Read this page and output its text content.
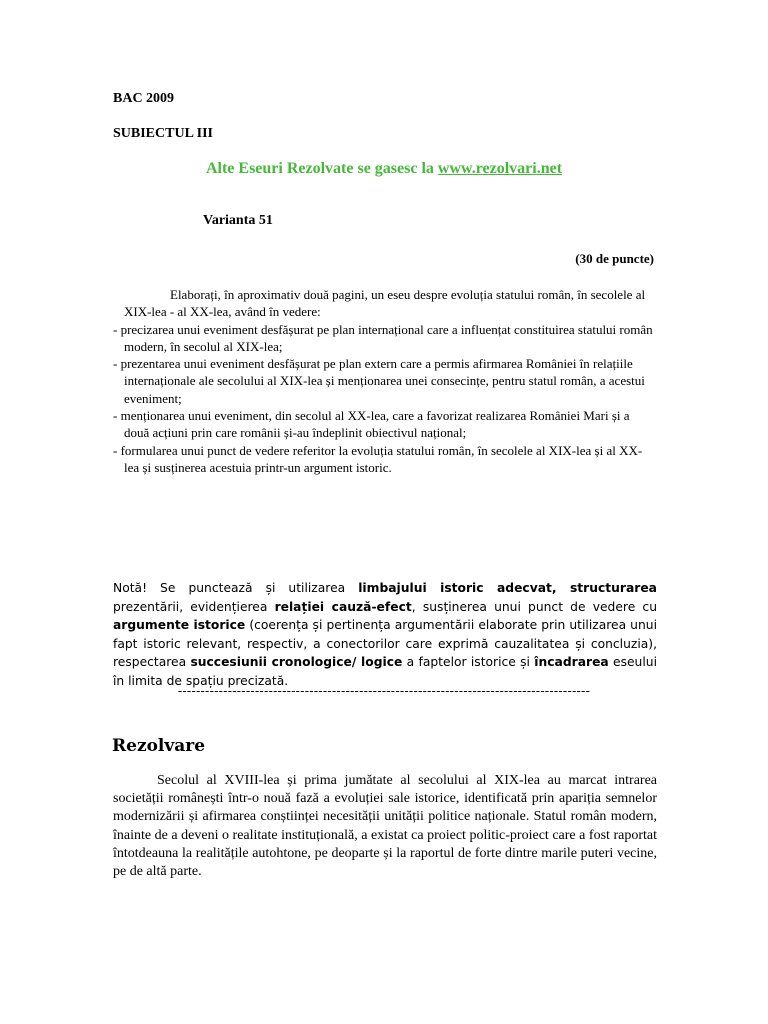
BAC 2009
SUBIECTUL III
Alte Eseuri Rezolvate se gasesc la www.rezolvari.net
Varianta 51
(30 de puncte)

Elaborați, în aproximativ două pagini, un eseu despre evoluția statului român, în secolele al XIX-lea - al XX-lea, având în vedere:

- precizarea unui eveniment desfășurat pe plan internațional care a influențat constituirea statului român modern, în secolul al XIX-lea;

- prezentarea unui eveniment desfășurat pe plan extern care a permis afirmarea României în relațiile internaționale ale secolului al XIX-lea și menționarea unei consecințe, pentru statul român, a acestui eveniment;

- menționarea unui eveniment, din secolul al XX-lea, care a favorizat realizarea României Mari și a două acțiuni prin care românii și-au îndeplinit obiectivul național;

- formularea unui punct de vedere referitor la evoluția statului român, în secolele al XIX-lea și al XX-lea și susținerea acestuia printr-un argument istoric.

Notă! Se punctează și utilizarea limbajului istoric adecvat, structurarea prezentării, evidențierea relației cauză-efect, susținerea unui punct de vedere cu argumente istorice (coerența și pertinența argumentării elaborate prin utilizarea unui fapt istoric relevant, respectiv, a conectorilor care exprimă cauzalitatea și concluzia), respectarea succesiunii cronologice/ logice a faptelor istorice și încadrarea eseului în limita de spațiu precizată.
-------------------------------------------------------------------------------------------
Rezolvare
Secolul al XVIII-lea și prima jumătate al secolului al XIX-lea au marcat intrarea societății românești într-o nouă fază a evoluției sale istorice, identificată prin apariția semnelor modernizării și afirmarea conștiinței necesității unității politice naționale. Statul român modern, înainte de a deveni o realitate instituțională, a existat ca proiect politic-proiect care a fost raportat întotdeauna la realitățile autohtone, pe deoparte și la raportul de forte dintre marile puteri vecine, pe de altă parte.
